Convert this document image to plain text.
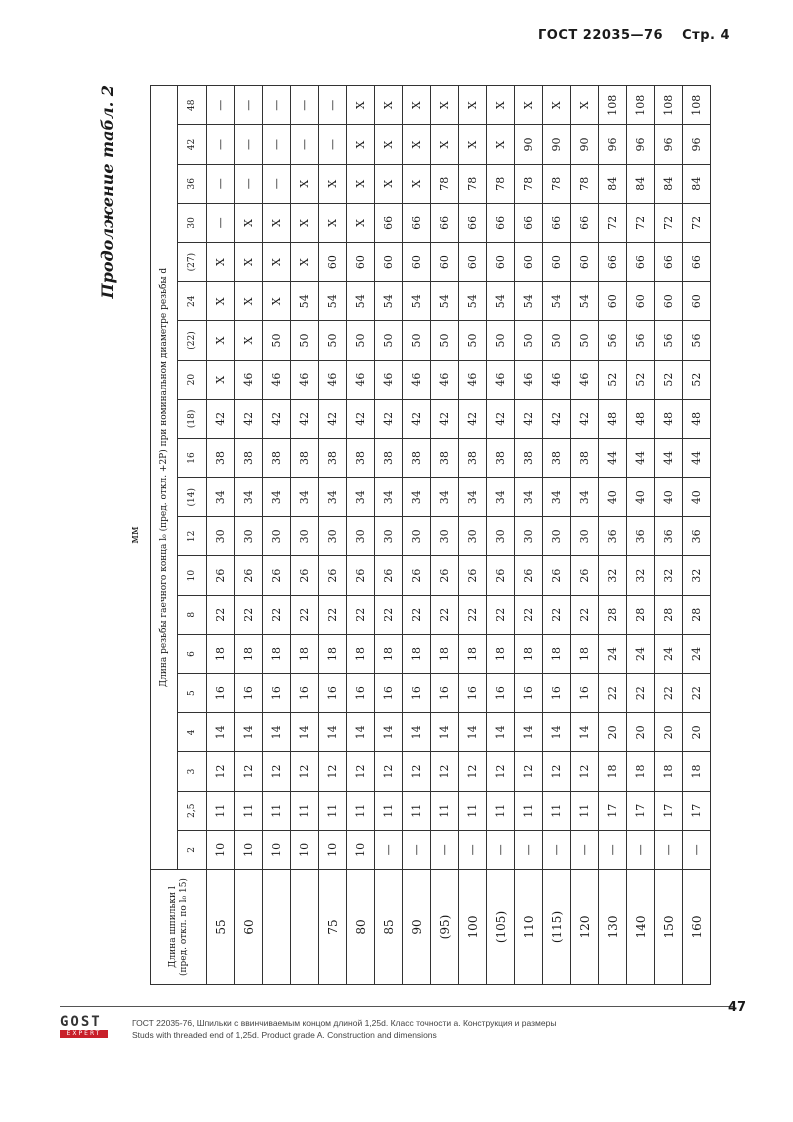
ГОСТ 22035—76 Стр. 4
Продолжение табл. 2
мм
Длина шпильки l (пред. откл. по l₀ 15)	Длина резьбы гаечного конца l₀ (пред. откл. +2P) при номинальном диаметре резьбы d																			
	2	2,5	3	4	5	6	8	10	12	(14)	16	(18)	20	(22)	24	(27)	30	36	42	48
55	10	11	12	14	16	18	22	26	30	34	38	42	X	X	X	X	—	—	—	—
60	10	11	12	14	16	18	22	26	30	34	38	42	46	X	X	X	X	—	—	—
	10	11	12	14	16	18	22	26	30	34	38	42	46	50	X	X	X	—	—	—
	10	11	12	14	16	18	22	26	30	34	38	42	46	50	54	X	X	X	—	—
75	10	11	12	14	16	18	22	26	30	34	38	42	46	50	54	60	X	X	—	—
80	10	11	12	14	16	18	22	26	30	34	38	42	46	50	54	60	X	X	X	X
85	—	11	12	14	16	18	22	26	30	34	38	42	46	50	54	60	66	X	X	X
90	—	11	12	14	16	18	22	26	30	34	38	42	46	50	54	60	66	X	X	X
(95)	—	11	12	14	16	18	22	26	30	34	38	42	46	50	54	60	66	78	X	X
100	—	11	12	14	16	18	22	26	30	34	38	42	46	50	54	60	66	78	X	X
(105)	—	11	12	14	16	18	22	26	30	34	38	42	46	50	54	60	66	78	X	X
110	—	11	12	14	16	18	22	26	30	34	38	42	46	50	54	60	66	78	90	X
(115)	—	11	12	14	16	18	22	26	30	34	38	42	46	50	54	60	66	78	90	X
120	—	11	12	14	16	18	22	26	30	34	38	42	46	50	54	60	66	78	90	X
130	—	17	18	20	22	24	28	32	36	40	44	48	52	56	60	66	72	84	96	108
140	—	17	18	20	22	24	28	32	36	40	44	48	52	56	60	66	72	84	96	108
150	—	17	18	20	22	24	28	32	36	40	44	48	52	56	60	66	72	84	96	108
160	—	17	18	20	22	24	28	32	36	40	44	48	52	56	60	66	72	84	96	108
47
GOST
EXPERT
ГОСТ 22035-76, Шпильки с ввинчиваемым концом длиной 1,25d. Класс точности а. Конструкция и размеры
Studs with threaded end of 1,25d. Product grade A. Construction and dimensions
